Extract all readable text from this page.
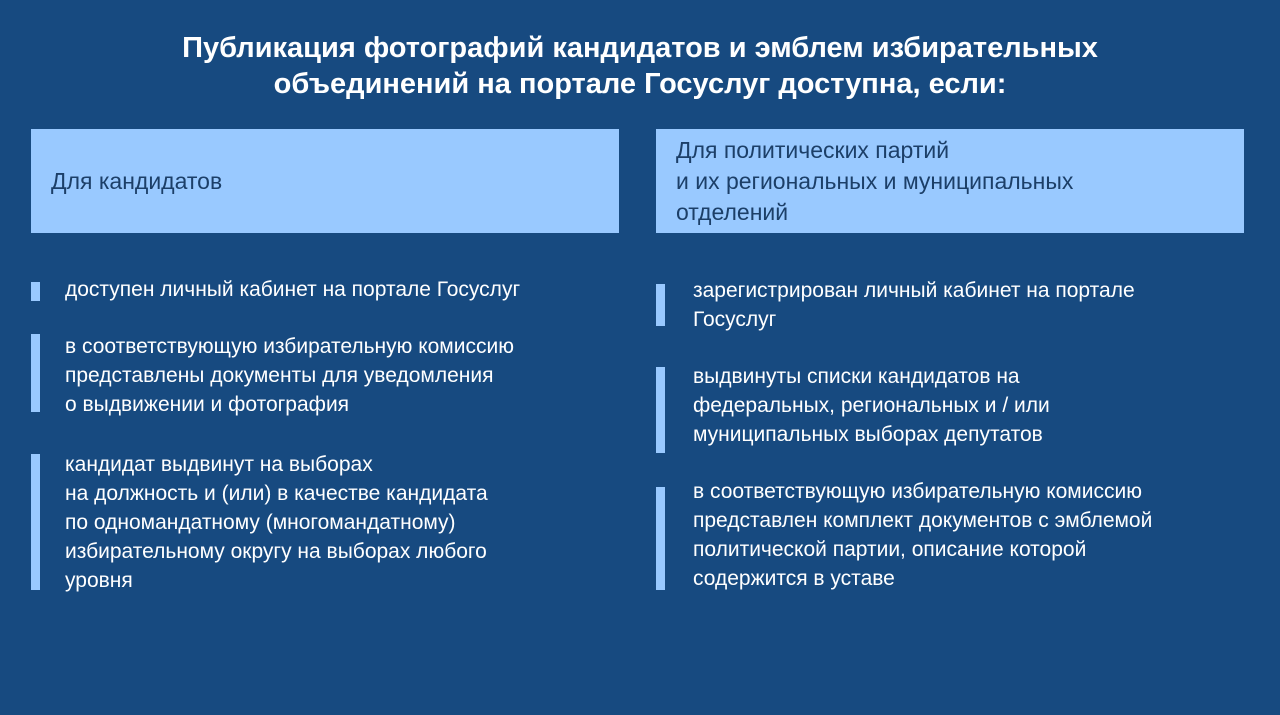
Публикация фотографий кандидатов и эмблем избирательных
объединений на портале Госуслуг доступна, если:
Для кандидатов
Для политических партий
и их региональных и муниципальных
отделений
доступен личный кабинет на портале Госуслуг
в соответствующую избирательную комиссию
представлены документы для уведомления
о выдвижении и фотография
кандидат выдвинут на выборах
на должность и (или) в качестве кандидата
по одномандатному (многомандатному)
избирательному округу на выборах любого
уровня
зарегистрирован личный кабинет на портале
Госуслуг
выдвинуты списки кандидатов на
федеральных, региональных и / или
муниципальных выборах депутатов
в соответствующую избирательную комиссию
представлен комплект документов с эмблемой
политической партии, описание которой
содержится в уставе
